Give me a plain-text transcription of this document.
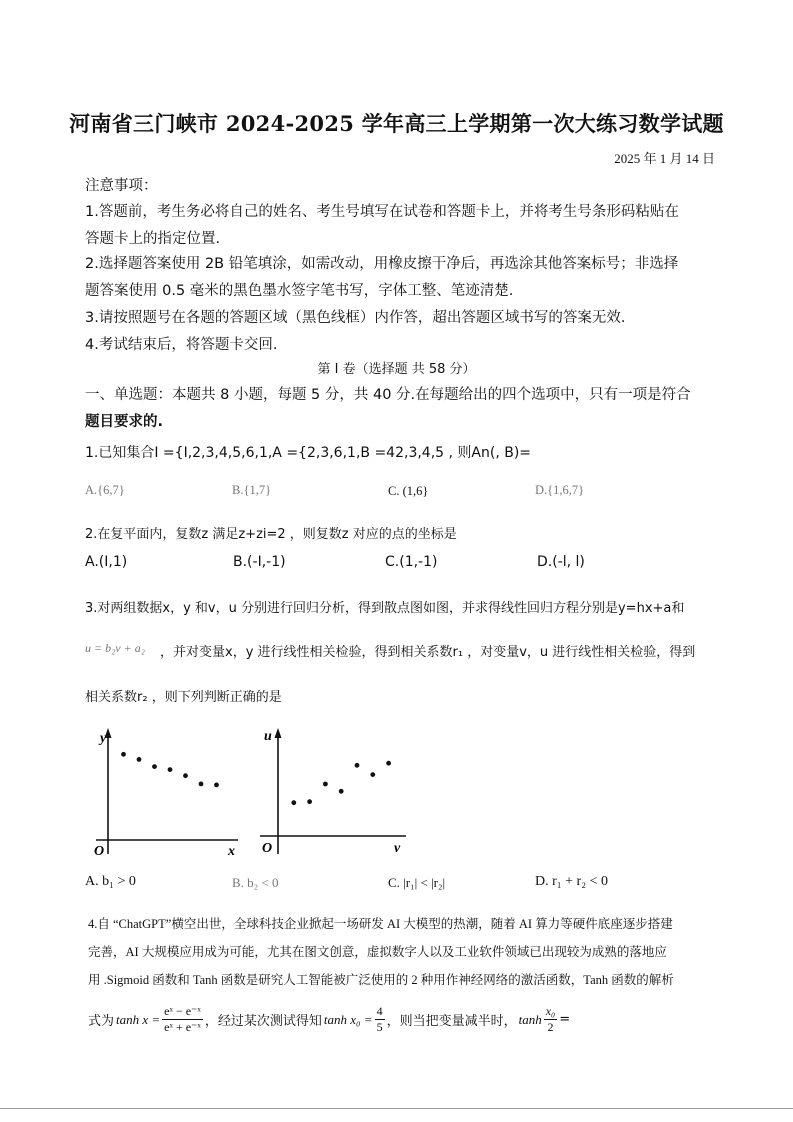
河南省三门峡市 2024-2025 学年高三上学期第一次大练习数学试题
2025 年 1 月 14 日
注意事项：
1.答题前，考生务必将自己的姓名、考生号填写在试卷和答题卡上，并将考生号条形码粘贴在
答题卡上的指定位置.
2.选择题答案使用 2B 铅笔填涂，如需改动，用橡皮擦干净后，再选涂其他答案标号；非选择
题答案使用 0.5 毫米的黑色墨水签字笔书写，字体工整、笔迹清楚.
3.请按照题号在各题的答题区域（黑色线框）内作答，超出答题区域书写的答案无效.
4.考试结束后，将答题卡交回.
第 I 卷（选择题 共 58 分）
一、单选题：本题共 8 小题，每题 5 分，共 40 分.在每题给出的四个选项中，只有一项是符合
题目要求的.
1.已知集合I ={I,2,3,4,5,6,1,A ={2,3,6,1,B =42,3,4,5 , 则An(, B)=
A.{6,7}	B.{1,7}	C. (1,6}	D.{1,6,7}
2.在复平面内，复数z 满足z+zi=2 ，则复数z 对应的点的坐标是
A.(I,1)	B.(-I,-1)	C.(1,-1)	D.(-l, l)
3.对两组数据x，y 和v，u 分别进行回归分析，得到散点图如图，并求得线性回归方程分别是y=hx+a和
u = b₂v + a₂ ，并对变量x，y 进行线性相关检验，得到相关系数r₁ ，对变量v，u 进行线性相关检验，得到
相关系数r₂ ，则下列判断正确的是
y
x
O
u
v
O
A. b₁ > 0	B. b₂ < 0	C. |r₁| < |r₂|	D. r₁ + r₂ < 0
4.自 “ChatGPT”横空出世，全球科技企业掀起一场研发 AI 大模型的热潮，随着 AI 算力等硬件底座逐步搭建
完善，AI 大规模应用成为可能，尤其在图文创意，虚拟数字人以及工业软件领域已出现较为成熟的落地应
用 .Sigmoid 函数和 Tanh 函数是研究人工智能被广泛使用的 2 种用作神经网络的激活函数，Tanh 函数的解析
式为 $\tanh x = \frac{\text{eˣ − e⁻ˣ}}{\text{eˣ + e⁻ˣ}}$ ，经过某次测试得知 $\tanh x_0 = \frac{4}{5}$ ，则当把变量减半时， $\tanh \frac{\text{x₀}}{2}$ =
